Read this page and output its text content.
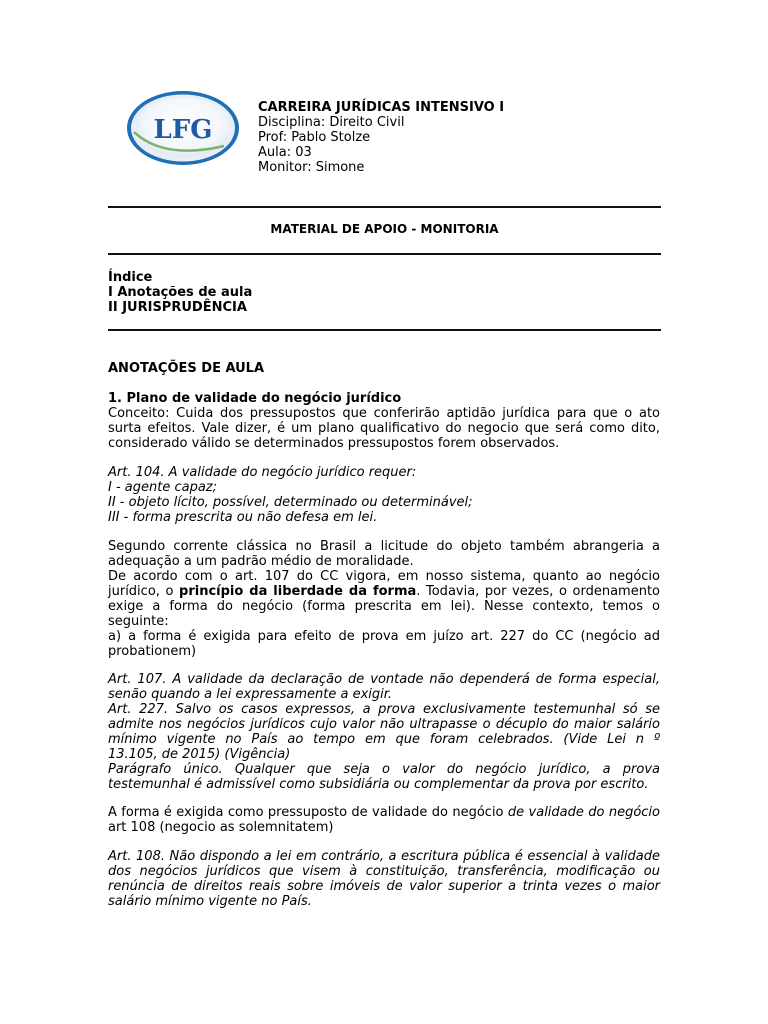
LFG
CARREIRA JURÍDICAS INTENSIVO I
Disciplina: Direito Civil
Prof: Pablo Stolze
Aula: 03
Monitor: Simone
MATERIAL DE APOIO - MONITORIA
Índice
I Anotações de aula
II JURISPRUDÊNCIA
ANOTAÇÕES DE AULA
1. Plano de validade do negócio jurídico
Conceito: Cuida dos pressupostos que conferirão aptidão jurídica para que o ato
surta efeitos. Vale dizer, é um plano qualificativo do negocio que será como dito,
considerado válido se determinados pressupostos forem observados.
Art. 104. A validade do negócio jurídico requer:
I - agente capaz;
II - objeto lícito, possível, determinado ou determinável;
III - forma prescrita ou não defesa em lei.
Segundo corrente clássica no Brasil a licitude do objeto também abrangeria a
adequação a um padrão médio de moralidade.
De acordo com o art. 107 do CC vigora, em nosso sistema, quanto ao negócio
jurídico, o princípio da liberdade da forma. Todavia, por vezes, o ordenamento
exige a forma do negócio (forma prescrita em lei). Nesse contexto, temos o
seguinte:
a) a forma é exigida para efeito de prova em juízo art. 227 do CC (negócio ad
probationem)
Art. 107. A validade da declaração de vontade não dependerá de forma especial,
senão quando a lei expressamente a exigir.
Art. 227. Salvo os casos expressos, a prova exclusivamente testemunhal só se
admite nos negócios jurídicos cujo valor não ultrapasse o décuplo do maior salário
mínimo vigente no País ao tempo em que foram celebrados. (Vide Lei n º
13.105, de 2015) (Vigência)
Parágrafo único. Qualquer que seja o valor do negócio jurídico, a prova
testemunhal é admissível como subsidiária ou complementar da prova por escrito.
A forma é exigida como pressuposto de validade do negócio de validade do negócio
art 108 (negocio as solemnitatem)
Art. 108. Não dispondo a lei em contrário, a escritura pública é essencial à validade
dos negócios jurídicos que visem à constituição, transferência, modificação ou
renúncia de direitos reais sobre imóveis de valor superior a trinta vezes o maior
salário mínimo vigente no País.
